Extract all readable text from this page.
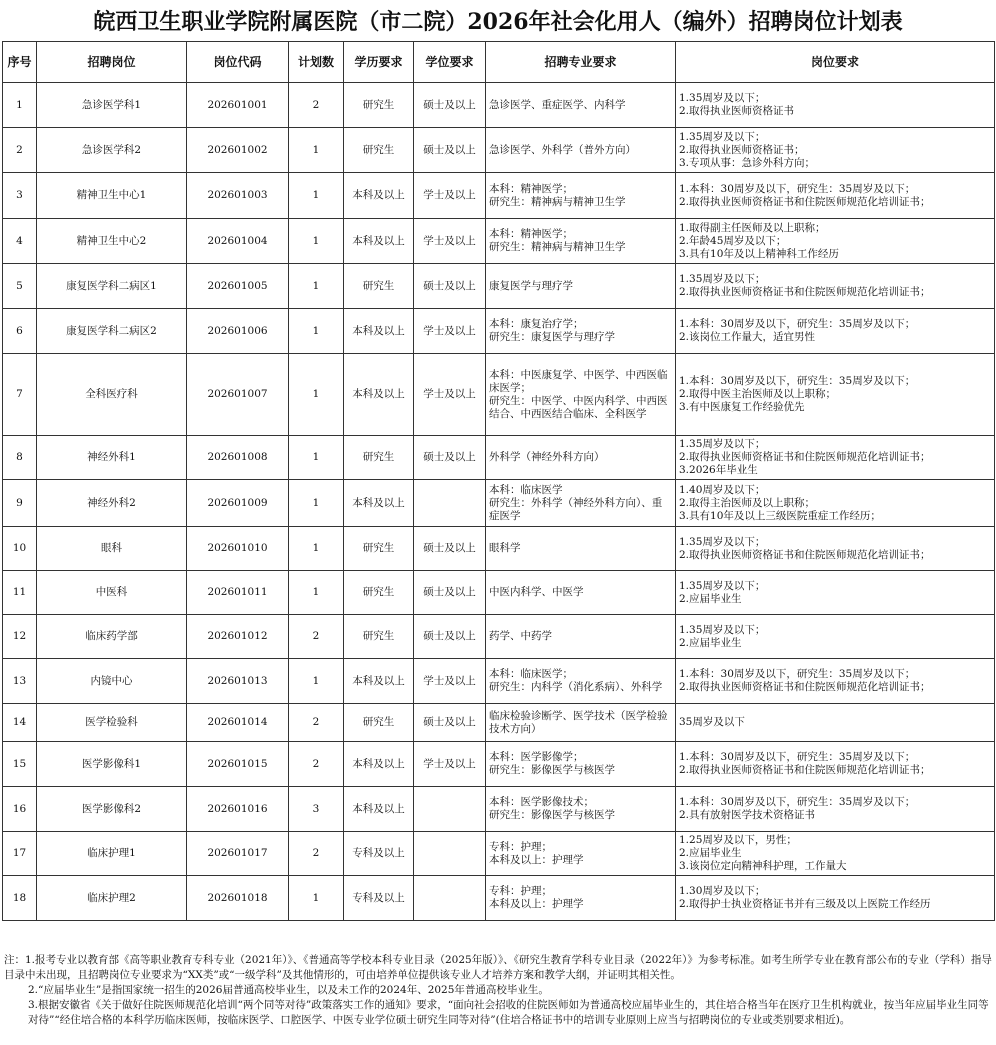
皖西卫生职业学院附属医院（市二院）2026年社会化用人（编外）招聘岗位计划表
序号	招聘岗位	岗位代码	计划数	学历要求	学位要求	招聘专业要求	岗位要求
1	急诊医学科1	202601001	2	研究生	硕士及以上	急诊医学、重症医学、内科学	1.35周岁及以下；
2.取得执业医师资格证书

2	急诊医学科2	202601002	1	研究生	硕士及以上	急诊医学、外科学（普外方向）	1.35周岁及以下；
2.取得执业医师资格证书；
3.专项从事：急诊外科方向；

3	精神卫生中心1	202601003	1	本科及以上	学士及以上	本科：精神医学；
研究生：精神病与精神卫生学	1.本科：30周岁及以下，研究生：35周岁及以下；
2.取得执业医师资格证书和住院医师规范化培训证书；

4	精神卫生中心2	202601004	1	本科及以上	学士及以上	本科：精神医学；
研究生：精神病与精神卫生学	1.取得副主任医师及以上职称；
2.年龄45周岁及以下；
3.具有10年及以上精神科工作经历

5	康复医学科二病区1	202601005	1	研究生	硕士及以上	康复医学与理疗学	1.35周岁及以下；
2.取得执业医师资格证书和住院医师规范化培训证书；

6	康复医学科二病区2	202601006	1	本科及以上	学士及以上	本科：康复治疗学；
研究生：康复医学与理疗学	1.本科：30周岁及以下，研究生：35周岁及以下；
2.该岗位工作量大，适宜男性

7	全科医疗科	202601007	1	本科及以上	学士及以上	本科：中医康复学、中医学、中西医临床医学；
研究生：中医学、中医内科学、中西医结合、中西医结合临床、全科医学	1.本科：30周岁及以下，研究生：35周岁及以下；
2.取得中医主治医师及以上职称；
3.有中医康复工作经验优先

8	神经外科1	202601008	1	研究生	硕士及以上	外科学（神经外科方向）	1.35周岁及以下；
2.取得执业医师资格证书和住院医师规范化培训证书；
3.2026年毕业生

9	神经外科2	202601009	1	本科及以上		本科：临床医学
研究生：外科学（神经外科方向）、重症医学	1.40周岁及以下；
2.取得主治医师及以上职称；
3.具有10年及以上三级医院重症工作经历；

10	眼科	202601010	1	研究生	硕士及以上	眼科学	1.35周岁及以下；
2.取得执业医师资格证书和住院医师规范化培训证书；

11	中医科	202601011	1	研究生	硕士及以上	中医内科学、中医学	1.35周岁及以下；
2.应届毕业生

12	临床药学部	202601012	2	研究生	硕士及以上	药学、中药学	1.35周岁及以下；
2.应届毕业生

13	内镜中心	202601013	1	本科及以上	学士及以上	本科：临床医学；
研究生：内科学（消化系病）、外科学	1.本科：30周岁及以下，研究生：35周岁及以下；
2.取得执业医师资格证书和住院医师规范化培训证书；

14	医学检验科	202601014	2	研究生	硕士及以上	临床检验诊断学、医学技术（医学检验技术方向）	35周岁及以下

15	医学影像科1	202601015	2	本科及以上	学士及以上	本科：医学影像学；
研究生：影像医学与核医学	1.本科：30周岁及以下，研究生：35周岁及以下；
2.取得执业医师资格证书和住院医师规范化培训证书；

16	医学影像科2	202601016	3	本科及以上		本科：医学影像技术；
研究生：影像医学与核医学	1.本科：30周岁及以下，研究生：35周岁及以下；
2.具有放射医学技术资格证书

17	临床护理1	202601017	2	专科及以上		专科：护理；
本科及以上：护理学	1.25周岁及以下，男性；
2.应届毕业生
3.该岗位定向精神科护理，工作量大

18	临床护理2	202601018	1	专科及以上		专科：护理；
本科及以上：护理学	1.30周岁及以下；
2.取得护士执业资格证书并有三级及以上医院工作经历

注：1.报考专业以教育部《高等职业教育专科专业（2021年）》、《普通高等学校本科专业目录（2025年版）》、《研究生教育学科专业目录（2022年）》为参考标准。如考生所学专业在教育部公布的专业（学科）指导目录中未出现，且招聘岗位专业要求为“XX类”或“一级学科”及其他情形的，可由培养单位提供该专业人才培养方案和教学大纲，并证明其相关性。

2.“应届毕业生”是指国家统一招生的2026届普通高校毕业生，以及未工作的2024年、2025年普通高校毕业生。

3.根据安徽省《关于做好住院医师规范化培训“两个同等对待”政策落实工作的通知》要求，“面向社会招收的住院医师如为普通高校应届毕业生的，其住培合格当年在医疗卫生机构就业，按当年应届毕业生同等对待”“经住培合格的本科学历临床医师，按临床医学、口腔医学、中医专业学位硕士研究生同等对待”(住培合格证书中的培训专业原则上应当与招聘岗位的专业或类别要求相近)。
